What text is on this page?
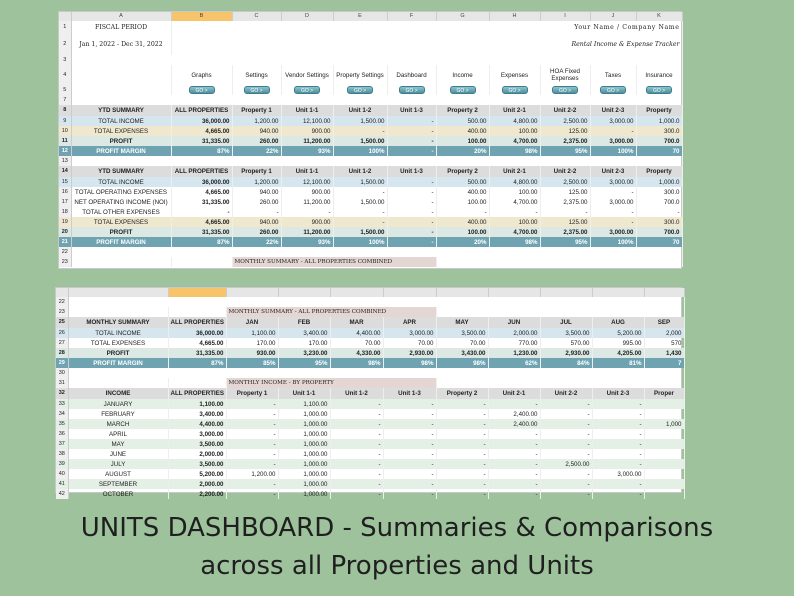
	A	B	C	D	E	F	G	H	I	J	K
1	FISCAL PERIOD	Your Name / Company Name									
2	Jan 1, 2022 - Dec 31, 2022	Rental Income & Expense Tracker									
3											
4		Graphs	Settings	Vendor Settings	Property Settings	Dashboard	Income	Expenses	HOA Fixed Expenses	Taxes	Insurance
5		GO >	GO >	GO >	GO >	GO >	GO >	GO >	GO >	GO >	GO >
7											
8	YTD SUMMARY	ALL PROPERTIES	Property 1	Unit 1-1	Unit 1-2	Unit 1-3	Property 2	Unit 2-1	Unit 2-2	Unit 2-3	Property
9	TOTAL INCOME	36,000.00	1,200.00	12,100.00	1,500.00	-	500.00	4,800.00	2,500.00	3,000.00	1,000.0
10	TOTAL EXPENSES	4,665.00	940.00	900.00	-	-	400.00	100.00	125.00	-	300.0
11	PROFIT	31,335.00	260.00	11,200.00	1,500.00	-	100.00	4,700.00	2,375.00	3,000.00	700.0
12	PROFIT MARGIN	87%	22%	93%	100%	-	20%	98%	95%	100%	70
13											
14	YTD SUMMARY	ALL PROPERTIES	Property 1	Unit 1-1	Unit 1-2	Unit 1-3	Property 2	Unit 2-1	Unit 2-2	Unit 2-3	Property
15	TOTAL INCOME	36,000.00	1,200.00	12,100.00	1,500.00	-	500.00	4,800.00	2,500.00	3,000.00	1,000.0
16	TOTAL OPERATING EXPENSES	4,665.00	940.00	900.00	-	-	400.00	100.00	125.00	-	300.0
17	NET OPERATING INCOME (NOI)	31,335.00	260.00	11,200.00	1,500.00	-	100.00	4,700.00	2,375.00	3,000.00	700.0
18	TOTAL OTHER EXPENSES	-	-	-	-	-	-	-	-	-	-
19	TOTAL EXPENSES	4,665.00	940.00	900.00	-	-	400.00	100.00	125.00	-	300.0
20	PROFIT	31,335.00	260.00	11,200.00	1,500.00	-	100.00	4,700.00	2,375.00	3,000.00	700.0
21	PROFIT MARGIN	87%	22%	93%	100%	-	20%	98%	95%	100%	70
22											
23			MONTHLY SUMMARY - ALL PROPERTIES COMBINED								

22											
23			MONTHLY SUMMARY - ALL PROPERTIES COMBINED								
25	MONTHLY SUMMARY	ALL PROPERTIES	JAN	FEB	MAR	APR	MAY	JUN	JUL	AUG	SEP
26	TOTAL INCOME	36,000.00	1,100.00	3,400.00	4,400.00	3,000.00	3,500.00	2,000.00	3,500.00	5,200.00	2,000
27	TOTAL EXPENSES	4,665.00	170.00	170.00	70.00	70.00	70.00	770.00	570.00	995.00	570
28	PROFIT	31,335.00	930.00	3,230.00	4,330.00	2,930.00	3,430.00	1,230.00	2,930.00	4,205.00	1,430
29	PROFIT MARGIN	87%	85%	95%	98%	98%	98%	62%	84%	81%	7
30											
31			MONTHLY INCOME - BY PROPERTY								
32	INCOME	ALL PROPERTIES	Property 1	Unit 1-1	Unit 1-2	Unit 1-3	Property 2	Unit 2-1	Unit 2-2	Unit 2-3	Proper
33	JANUARY	1,100.00	-	1,100.00	-	-	-	-	-	-	
34	FEBRUARY	3,400.00	-	1,000.00	-	-	-	2,400.00	-	-	
35	MARCH	4,400.00	-	1,000.00	-	-	-	2,400.00	-	-	1,000
36	APRIL	3,000.00	-	1,000.00	-	-	-	-	-	-	
37	MAY	3,500.00	-	1,000.00	-	-	-	-	-	-	
38	JUNE	2,000.00	-	1,000.00	-	-	-	-	-	-	
39	JULY	3,500.00	-	1,000.00	-	-	-	-	2,500.00	-	
40	AUGUST	5,200.00	1,200.00	1,000.00	-	-	-	-	-	3,000.00	
41	SEPTEMBER	2,000.00	-	1,000.00	-	-	-	-	-	-	
42	OCTOBER	2,200.00	-	1,000.00	-	-	-	-	-	-	
UNITS DASHBOARD - Summaries & Comparisons
across all Properties and Units
